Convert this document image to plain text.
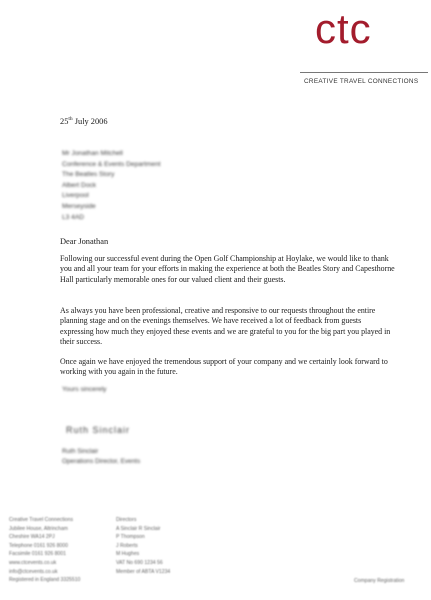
ctc
CREATIVE TRAVEL CONNECTIONS
25th July 2006
Mr Jonathan Mitchell
Conference & Events Department
The Beatles Story
Albert Dock
Liverpool
Merseyside
L3 4AD
Dear Jonathan
Following our successful event during the Open Golf Championship at Hoylake, we would like to thank you and all your team for your efforts in making the experience at both the Beatles Story and Capesthorne Hall particularly memorable ones for our valued client and their guests.
As always you have been professional, creative and responsive to our requests throughout the entire planning stage and on the evenings themselves. We have received a lot of feedback from guests expressing how much they enjoyed these events and we are grateful to you for the big part you played in their success.
Once again we have enjoyed the tremendous support of your company and we certainly look forward to working with you again in the future.
Yours sincerely
Ruth Sinclair
Ruth Sinclair
Operations Director, Events
Creative Travel Connections
Jubilee House, Altrincham
Cheshire WA14 2PJ
Telephone 0161 926 8000
Facsimile 0161 926 8001
www.ctcevents.co.uk
info@ctcevents.co.uk
Registered in England 3325510
Directors
A Sinclair R Sinclair
P Thompson
J Roberts
M Hughes
VAT No 690 1234 56
Member of ABTA V1234
Company Registration
